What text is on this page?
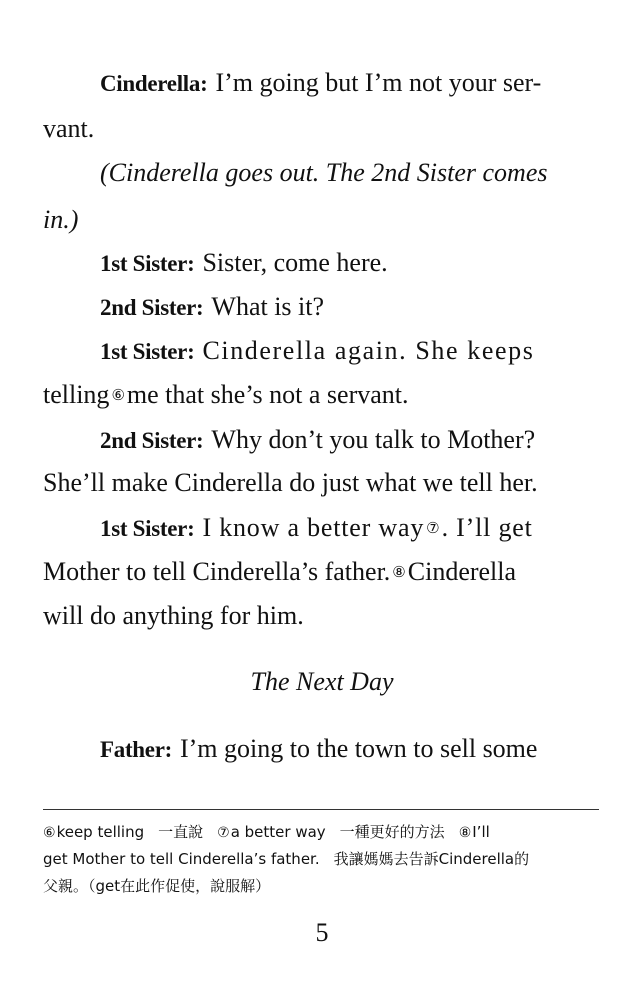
Cinderella: I’m going but I’m not your ser-
vant.
(Cinderella goes out. The 2nd Sister comes
in.)
1st Sister: Sister, come here.
2nd Sister: What is it?
1st Sister: Cinderella again. She keeps
telling ⑥me that she’s not a servant.
2nd Sister: Why don’t you talk to Mother?
She’ll make Cinderella do just what we tell her.
1st Sister: I know a better way ⑦. I’ll get
Mother to tell Cinderella’s father. ⑧Cinderella
will do anything for him.
The Next Day
Father: I’m going to the town to sell some
⑥keep telling 一直說 ⑦a better way 一種更好的方法 ⑧I’ll
get Mother to tell Cinderella’s father. 我讓媽媽去告訴Cinderella的
父親。（get在此作促使，說服解）
5
